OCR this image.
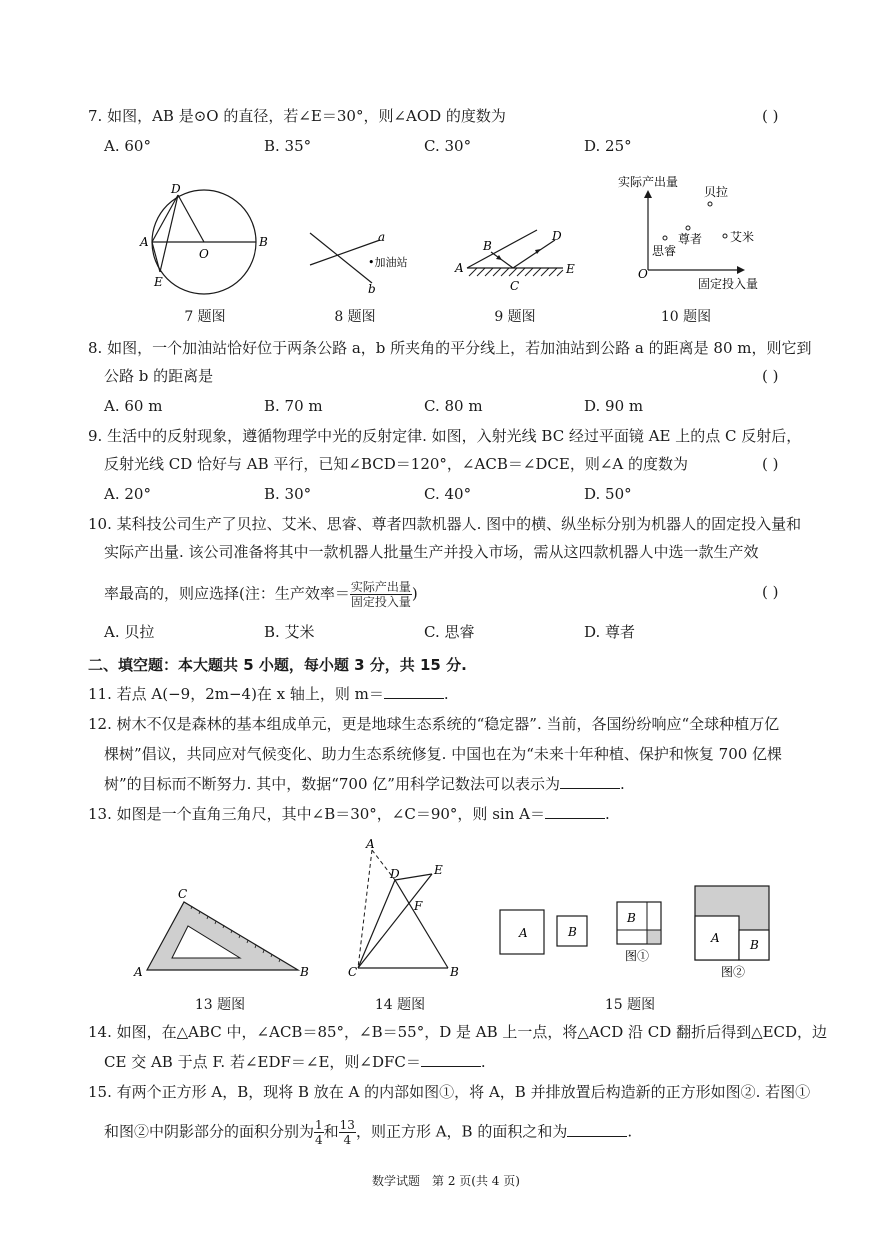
7. 如图，AB 是⊙O 的直径，若∠E＝30°，则∠AOD 的度数为	( )
A. 60°	B. 35°	C. 30°	D. 25°
D
A
O
B
E
a
b
•加油站
B
D
A
C
E
实际产出量
固定投入量
O
贝拉
尊者 艾米
思睿
7 题图	8 题图	9 题图	10 题图
8. 如图，一个加油站恰好位于两条公路 a，b 所夹角的平分线上，若加油站到公路 a 的距离是 80 m，则它到
公路 b 的距离是	( )
A. 60 m	B. 70 m	C. 80 m	D. 90 m
9. 生活中的反射现象，遵循物理学中光的反射定律. 如图，入射光线 BC 经过平面镜 AE 上的点 C 反射后，
反射光线 CD 恰好与 AB 平行，已知∠BCD＝120°，∠ACB＝∠DCE，则∠A 的度数为	( )
A. 20°	B. 30°	C. 40°	D. 50°
10. 某科技公司生产了贝拉、艾米、思睿、尊者四款机器人. 图中的横、纵坐标分别为机器人的固定投入量和
实际产出量. 该公司准备将其中一款机器人批量生产并投入市场，需从这四款机器人中选一款生产效
率最高的，则应选择(注：生产效率＝ $\frac{\text{实际产出量}}{\text{固定投入量}}$ )	( )
A. 贝拉	B. 艾米	C. 思睿	D. 尊者
二、填空题：本大题共 5 小题，每小题 3 分，共 15 分.
11. 若点 A(−9，2m−4)在 x 轴上，则 m＝	.
12. 树木不仅是森林的基本组成单元，更是地球生态系统的“稳定器”. 当前，各国纷纷响应“全球种植万亿
棵树”倡议，共同应对气候变化、助力生态系统修复. 中国也在为“未来十年种植、保护和恢复 700 亿棵
树”的目标而不断努力. 其中，数据“700 亿”用科学记数法可以表示为	.
13. 如图是一个直角三角尺，其中∠B＝30°，∠C＝90°，则 sin A＝	.
C
A	B
A
D	E
F
C	B
A	B
B
图①
A	B
图②
13 题图	14 题图	15 题图
14. 如图，在△ABC 中，∠ACB＝85°，∠B＝55°，D 是 AB 上一点，将△ACD 沿 CD 翻折后得到△ECD，边
CE 交 AB 于点 F. 若∠EDF＝∠E，则∠DFC＝	.
15. 有两个正方形 A，B，现将 B 放在 A 的内部如图①，将 A，B 并排放置后构造新的正方形如图②. 若图①
和图②中阴影部分的面积分别为 $\frac{1}{4}$ 和 $\frac{13}{4}$ ，则正方形 A，B 的面积之和为	.
数学试题　第 2 页(共 4 页)
